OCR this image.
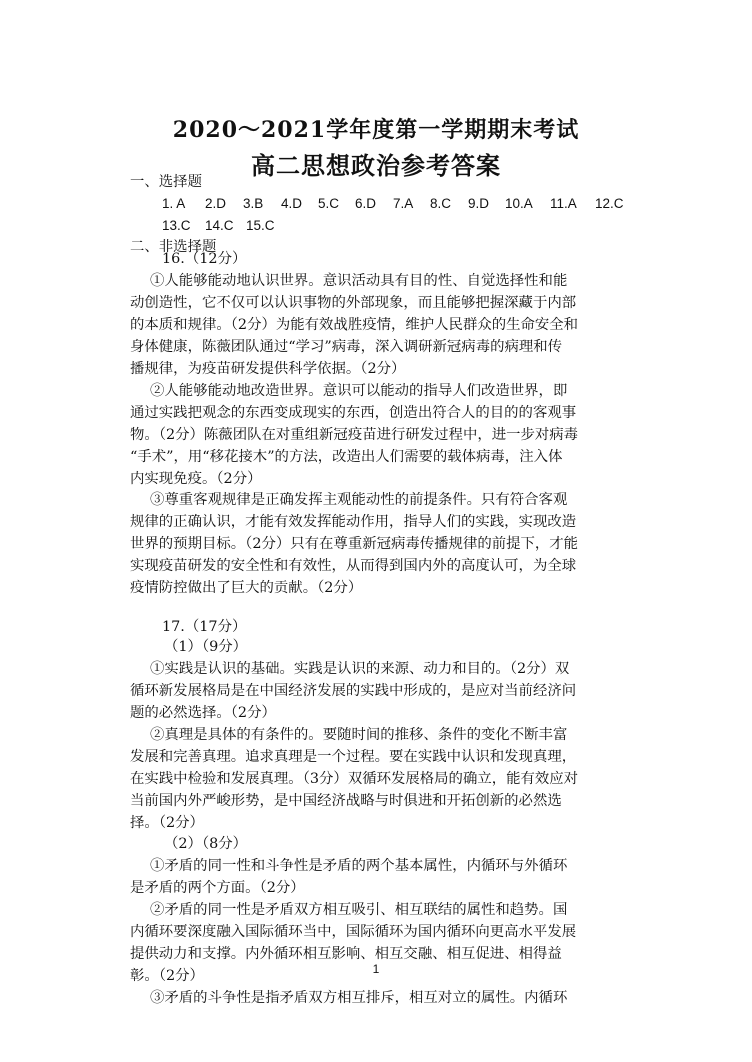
2020～2021学年度第一学期期末考试
高二思想政治参考答案
一、选择题
1. A 2.D 3.B 4.D 5.C 6.D 7.A 8.C 9.D 10.A 11.A 12.C
13.C 14.C 15.C
二、非选择题
16.（12分）
①人能够能动地认识世界。意识活动具有目的性、自觉选择性和能
动创造性，它不仅可以认识事物的外部现象，而且能够把握深藏于内部
的本质和规律。（2分）为能有效战胜疫情，维护人民群众的生命安全和
身体健康，陈薇团队通过“学习”病毒，深入调研新冠病毒的病理和传
播规律，为疫苗研发提供科学依据。（2分）
②人能够能动地改造世界。意识可以能动的指导人们改造世界，即
通过实践把观念的东西变成现实的东西，创造出符合人的目的的客观事
物。（2分）陈薇团队在对重组新冠疫苗进行研发过程中，进一步对病毒
“手术”，用“移花接木”的方法，改造出人们需要的载体病毒，注入体
内实现免疫。（2分）
③尊重客观规律是正确发挥主观能动性的前提条件。只有符合客观
规律的正确认识，才能有效发挥能动作用，指导人们的实践，实现改造
世界的预期目标。（2分）只有在尊重新冠病毒传播规律的前提下，才能
实现疫苗研发的安全性和有效性，从而得到国内外的高度认可，为全球
疫情防控做出了巨大的贡献。（2分）
17.（17分）
（1）（9分）
①实践是认识的基础。实践是认识的来源、动力和目的。（2分）双
循环新发展格局是在中国经济发展的实践中形成的，是应对当前经济问
题的必然选择。（2分）
②真理是具体的有条件的。要随时间的推移、条件的变化不断丰富
发展和完善真理。追求真理是一个过程。要在实践中认识和发现真理，
在实践中检验和发展真理。（3分）双循环发展格局的确立，能有效应对
当前国内外严峻形势，是中国经济战略与时俱进和开拓创新的必然选
择。（2分）
（2）（8分）
①矛盾的同一性和斗争性是矛盾的两个基本属性，内循环与外循环
是矛盾的两个方面。（2分）
②矛盾的同一性是矛盾双方相互吸引、相互联结的属性和趋势。国
内循环要深度融入国际循环当中，国际循环为国内循环向更高水平发展
提供动力和支撑。内外循环相互影响、相互交融、相互促进、相得益
彰。（2分）
③矛盾的斗争性是指矛盾双方相互排斥，相互对立的属性。内循环
1
